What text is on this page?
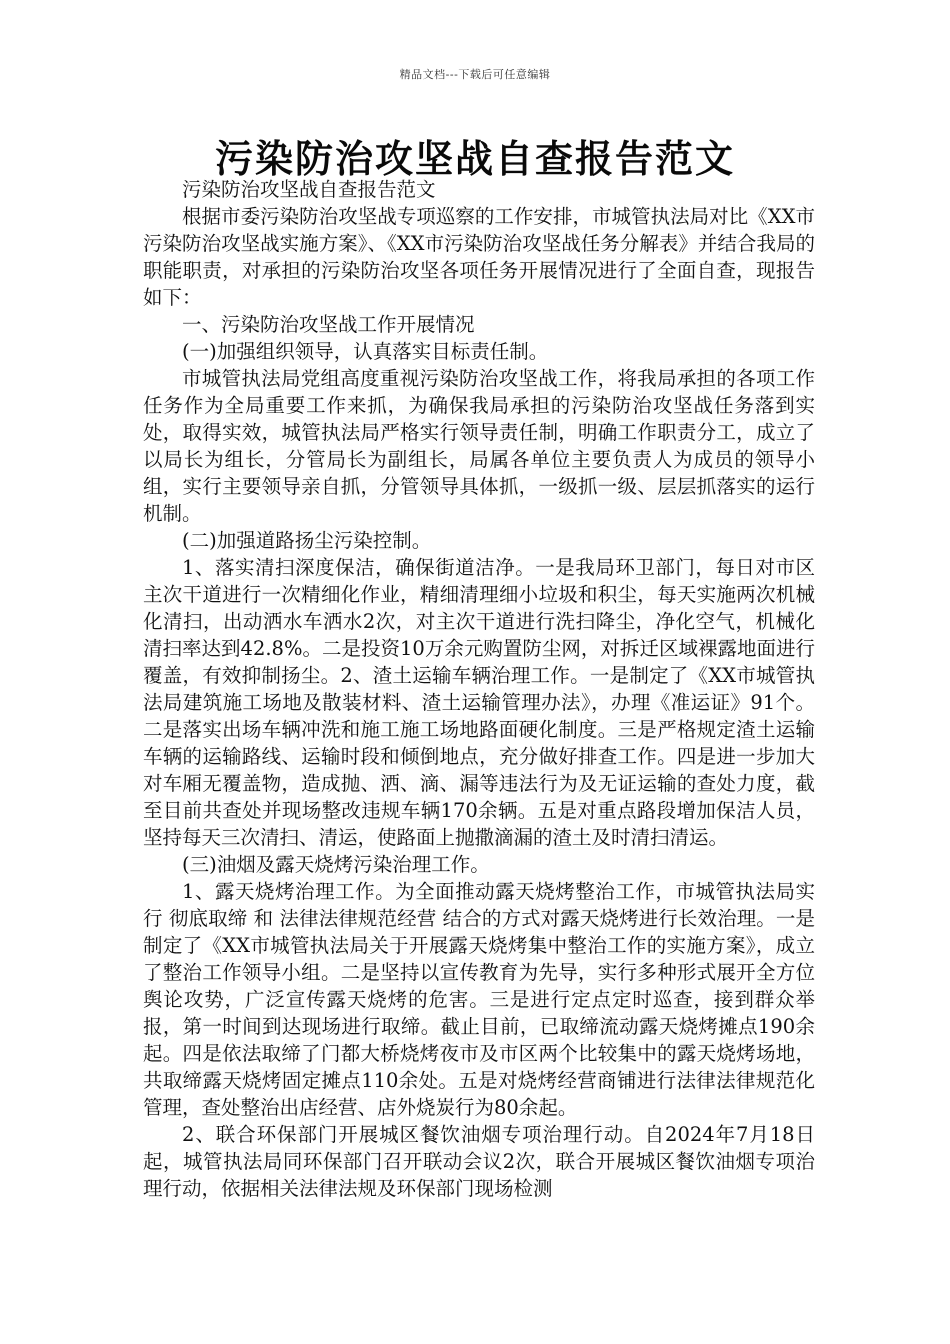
精品文档---下载后可任意编辑
污染防治攻坚战自查报告范文

污染防治攻坚战自查报告范文

根据市委污染防治攻坚战专项巡察的工作安排，市城管执法局对比《XX市污染防治攻坚战实施方案》、《XX市污染防治攻坚战任务分解表》并结合我局的职能职责，对承担的污染防治攻坚各项任务开展情况进行了全面自查，现报告如下：

一、污染防治攻坚战工作开展情况

(一)加强组织领导，认真落实目标责任制。

市城管执法局党组高度重视污染防治攻坚战工作，将我局承担的各项工作任务作为全局重要工作来抓，为确保我局承担的污染防治攻坚战任务落到实处，取得实效，城管执法局严格实行领导责任制，明确工作职责分工，成立了以局长为组长，分管局长为副组长，局属各单位主要负责人为成员的领导小组，实行主要领导亲自抓，分管领导具体抓，一级抓一级、层层抓落实的运行机制。

(二)加强道路扬尘污染控制。

1、落实清扫深度保洁，确保街道洁净。一是我局环卫部门，每日对市区主次干道进行一次精细化作业，精细清理细小垃圾和积尘，每天实施两次机械化清扫，出动洒水车洒水2次，对主次干道进行洗扫降尘，净化空气，机械化清扫率达到42.8%。二是投资10万余元购置防尘网，对拆迁区域裸露地面进行覆盖，有效抑制扬尘。2、渣土运输车辆治理工作。一是制定了《XX市城管执法局建筑施工场地及散装材料、渣土运输管理办法》，办理《准运证》91个。二是落实出场车辆冲洗和施工施工场地路面硬化制度。三是严格规定渣土运输车辆的运输路线、运输时段和倾倒地点，充分做好排查工作。四是进一步加大对车厢无覆盖物，造成抛、洒、滴、漏等违法行为及无证运输的查处力度，截至目前共查处并现场整改违规车辆170余辆。五是对重点路段增加保洁人员，坚持每天三次清扫、清运，使路面上抛撒滴漏的渣土及时清扫清运。

(三)油烟及露天烧烤污染治理工作。

1、露天烧烤治理工作。为全面推动露天烧烤整治工作，市城管执法局实行 彻底取缔 和 法律法律规范经营 结合的方式对露天烧烤进行长效治理。一是制定了《XX市城管执法局关于开展露天烧烤集中整治工作的实施方案》，成立了整治工作领导小组。二是坚持以宣传教育为先导，实行多种形式展开全方位舆论攻势，广泛宣传露天烧烤的危害。三是进行定点定时巡查，接到群众举报，第一时间到达现场进行取缔。截止目前，已取缔流动露天烧烤摊点190余起。四是依法取缔了门都大桥烧烤夜市及市区两个比较集中的露天烧烤场地，共取缔露天烧烤固定摊点110余处。五是对烧烤经营商铺进行法律法律规范化管理，查处整治出店经营、店外烧炭行为80余起。

2、联合环保部门开展城区餐饮油烟专项治理行动。自2024年7月18日起，城管执法局同环保部门召开联动会议2次，联合开展城区餐饮油烟专项治理行动，依据相关法律法规及环保部门现场检测
